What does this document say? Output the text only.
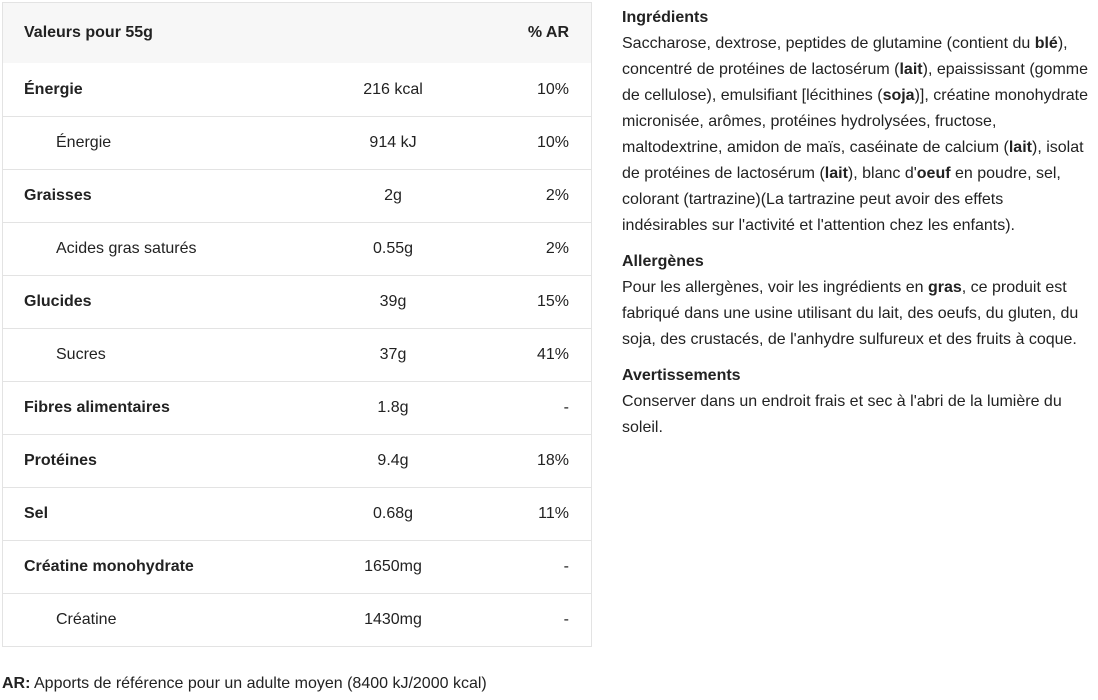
Valeurs pour 55g	% AR
Énergie	216 kcal	10%
Énergie	914 kJ	10%
Graisses	2g	2%
Acides gras saturés	0.55g	2%
Glucides	39g	15%
Sucres	37g	41%
Fibres alimentaires	1.8g	-
Protéines	9.4g	18%
Sel	0.68g	11%
Créatine monohydrate	1650mg	-
Créatine	1430mg	-
AR: Apports de référence pour un adulte moyen (8400 kJ/2000 kcal)
Ingrédients
Saccharose, dextrose, peptides de glutamine (contient du blé), concentré de protéines de lactosérum (lait), epaississant (gomme de cellulose), emulsifiant [lécithines (soja)], créatine monohydrate micronisée, arômes, protéines hydrolysées, fructose, maltodextrine, amidon de maïs, caséinate de calcium (lait), isolat de protéines de lactosérum (lait), blanc d'oeuf en poudre, sel, colorant (tartrazine)(La tartrazine peut avoir des effets indésirables sur l'activité et l'attention chez les enfants).
Allergènes
Pour les allergènes, voir les ingrédients en gras, ce produit est fabriqué dans une usine utilisant du lait, des oeufs, du gluten, du soja, des crustacés, de l'anhydre sulfureux et des fruits à coque.
Avertissements
Conserver dans un endroit frais et sec à l'abri de la lumière du soleil.
